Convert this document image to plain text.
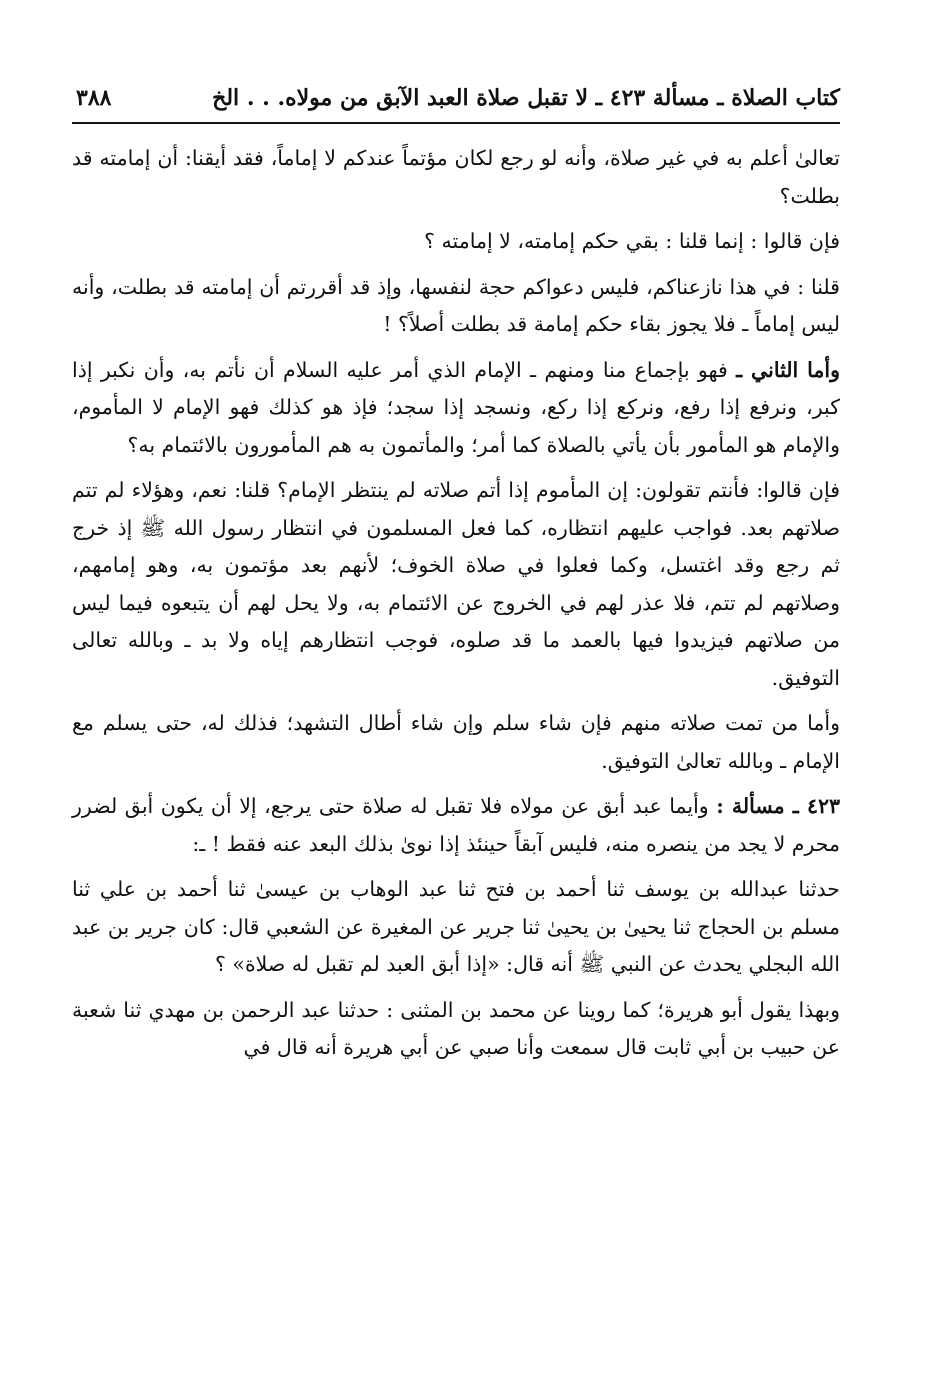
كتاب الصلاة ـ مسألة ٤٢٣ ـ لا تقبل صلاة العبد الآبق من مولاه. . . الخ
٣٨٨

تعالىٰ أعلم به في غير صلاة، وأنه لو رجع لكان مؤتماً عندكم لا إماماً، فقد أيقنا: أن إمامته قد بطلت؟

فإن قالوا : إنما قلنا : بقي حكم إمامته، لا إمامته ؟

قلنا : في هذا نازعناكم، فليس دعواكم حجة لنفسها، وإذ قد أقررتم أن إمامته قد بطلت، وأنه ليس إماماً ـ فلا يجوز بقاء حكم إمامة قد بطلت أصلاً؟ !

وأما الثاني ـ فهو بإجماع منا ومنهم ـ الإمام الذي أمر عليه السلام أن نأتم به، وأن نكبر إذا كبر، ونرفع إذا رفع، ونركع إذا ركع، ونسجد إذا سجد؛ فإذ هو كذلك فهو الإمام لا المأموم، والإمام هو المأمور بأن يأتي بالصلاة كما أمر؛ والمأتمون به هم المأمورون بالائتمام به؟

فإن قالوا: فأنتم تقولون: إن المأموم إذا أتم صلاته لم ينتظر الإمام؟ قلنا: نعم، وهؤلاء لم تتم صلاتهم بعد. فواجب عليهم انتظاره، كما فعل المسلمون في انتظار رسول الله ﷺ إذ خرج ثم رجع وقد اغتسل، وكما فعلوا في صلاة الخوف؛ لأنهم بعد مؤتمون به، وهو إمامهم، وصلاتهم لم تتم، فلا عذر لهم في الخروج عن الائتمام به، ولا يحل لهم أن يتبعوه فيما ليس من صلاتهم فيزيدوا فيها بالعمد ما قد صلوه، فوجب انتظارهم إياه ولا بد ـ وبالله تعالى التوفيق.

وأما من تمت صلاته منهم فإن شاء سلم وإن شاء أطال التشهد؛ فذلك له، حتى يسلم مع الإمام ـ وبالله تعالىٰ التوفيق.

٤٢٣ ـ مسألة : وأيما عبد أبق عن مولاه فلا تقبل له صلاة حتى يرجع، إلا أن يكون أبق لضرر محرم لا يجد من ينصره منه، فليس آبقاً حينئذ إذا نوىٰ بذلك البعد عنه فقط ! ـ:

حدثنا عبدالله بن يوسف ثنا أحمد بن فتح ثنا عبد الوهاب بن عيسىٰ ثنا أحمد بن علي ثنا مسلم بن الحجاج ثنا يحيىٰ بن يحيىٰ ثنا جرير عن المغيرة عن الشعبي قال: كان جرير بن عبد الله البجلي يحدث عن النبي ﷺ أنه قال: «إذا أبق العبد لم تقبل له صلاة» ؟

وبهذا يقول أبو هريرة؛ كما روينا عن محمد بن المثنى : حدثنا عبد الرحمن بن مهدي ثنا شعبة عن حبيب بن أبي ثابت قال سمعت وأنا صبي عن أبي هريرة أنه قال في
